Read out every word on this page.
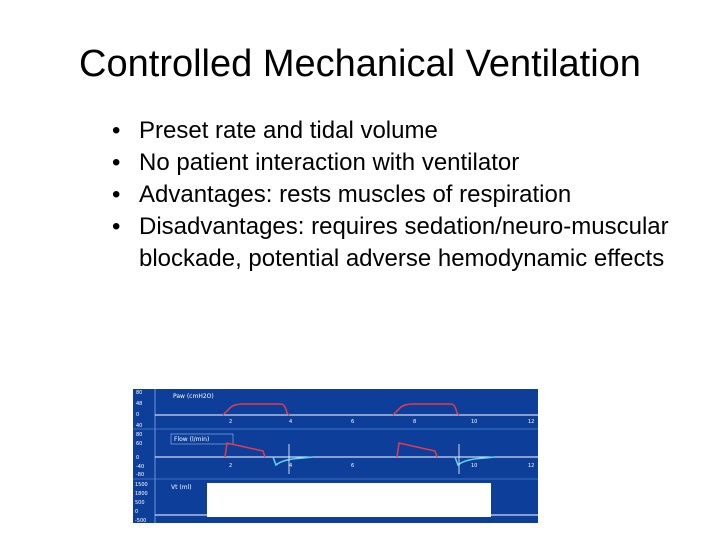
Controlled Mechanical Ventilation
• Preset rate and tidal volume
• No patient interaction with ventilator
• Advantages: rests muscles of respiration
• Disadvantages: requires sedation/neuro-muscular blockade, potential adverse hemodynamic effects
Paw (cmH2O)
80
48
0
40
2	4	6	8	10	12
Flow (l/min)
80
60
0
-40
-80
2	4	6	10	12
Vt (ml)
1500
1800
500
0
-500
